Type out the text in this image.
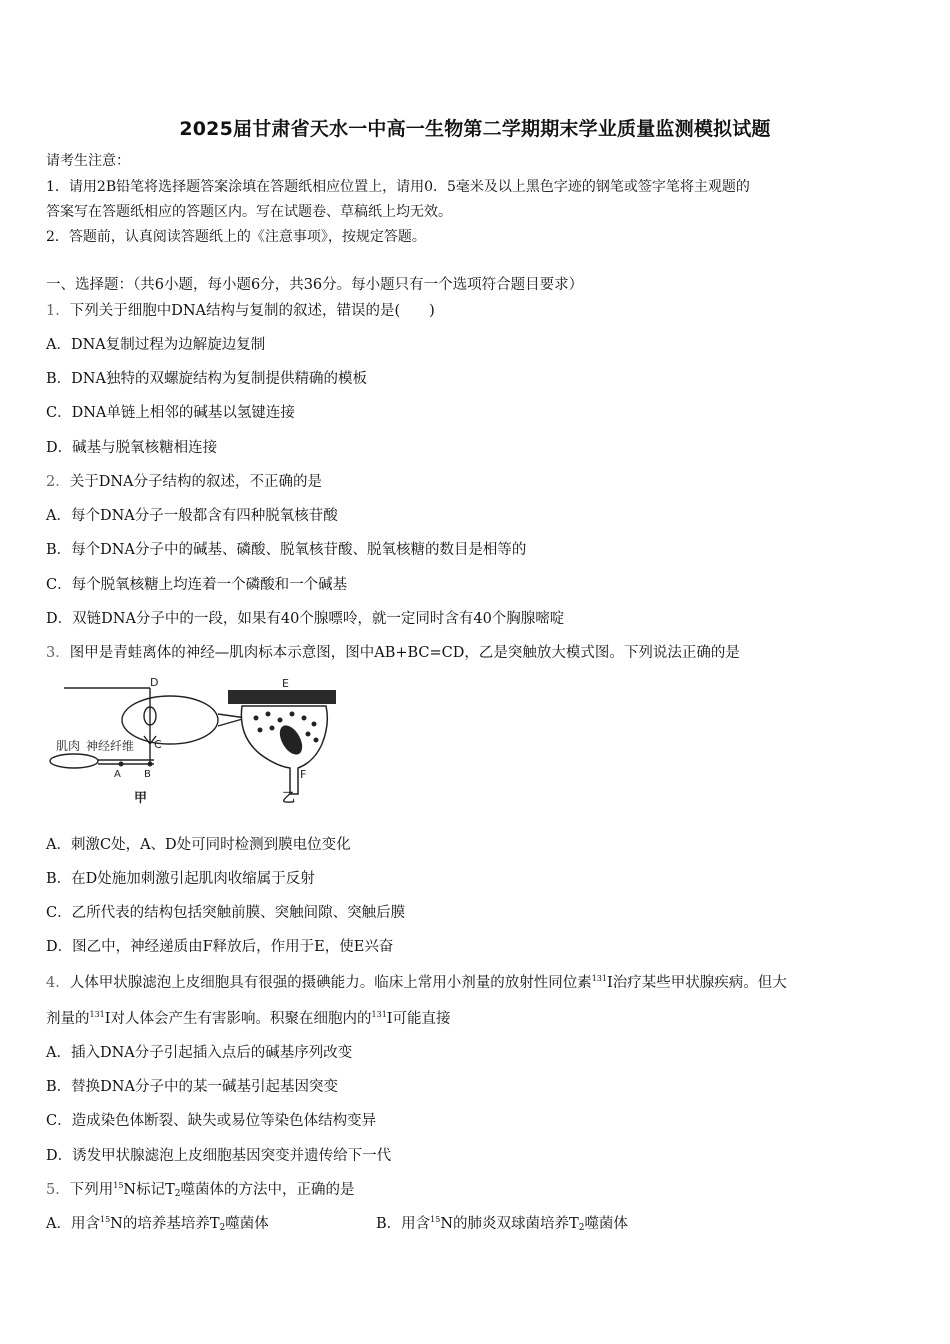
2025届甘肃省天水一中高一生物第二学期期末学业质量监测模拟试题
请考生注意：
1．请用2B铅笔将选择题答案涂填在答题纸相应位置上，请用0．5毫米及以上黑色字迹的钢笔或签字笔将主观题的
答案写在答题纸相应的答题区内。写在试题卷、草稿纸上均无效。
2．答题前，认真阅读答题纸上的《注意事项》，按规定答题。
一、选择题：（共6小题，每小题6分，共36分。每小题只有一个选项符合题目要求）
1．下列关于细胞中DNA结构与复制的叙述，错误的是(　　)
A．DNA复制过程为边解旋边复制
B．DNA独特的双螺旋结构为复制提供精确的模板
C．DNA单链上相邻的碱基以氢键连接
D．碱基与脱氧核糖相连接
2．关于DNA分子结构的叙述，不正确的是
A．每个DNA分子一般都含有四种脱氧核苷酸
B．每个DNA分子中的碱基、磷酸、脱氧核苷酸、脱氧核糖的数目是相等的
C．每个脱氧核糖上均连着一个磷酸和一个碱基
D．双链DNA分子中的一段，如果有40个腺嘌呤，就一定同时含有40个胸腺嘧啶
3．图甲是青蛙离体的神经—肌肉标本示意图，图中AB+BC=CD，乙是突触放大模式图。下列说法正确的是
D
C
A B
肌肉 神经纤维
甲
E
F
乙
A．刺激C处，A、D处可同时检测到膜电位变化
B．在D处施加刺激引起肌肉收缩属于反射
C．乙所代表的结构包括突触前膜、突触间隙、突触后膜
D．图乙中，神经递质由F释放后，作用于E，使E兴奋
4．人体甲状腺滤泡上皮细胞具有很强的摄碘能力。临床上常用小剂量的放射性同位素$^{131}$I治疗某些甲状腺疾病。但大
剂量的$^{131}$I对人体会产生有害影响。积聚在细胞内的$^{131}$I可能直接
A．插入DNA分子引起插入点后的碱基序列改变
B．替换DNA分子中的某一碱基引起基因突变
C．造成染色体断裂、缺失或易位等染色体结构变异
D．诱发甲状腺滤泡上皮细胞基因突变并遗传给下一代
5．下列用$^{15}$N标记$T_2$噬菌体的方法中，正确的是
A．用含$^{15}$N的培养基培养$T_2$噬菌体	B．用含$^{15}$N的肺炎双球菌培养$T_2$噬菌体
